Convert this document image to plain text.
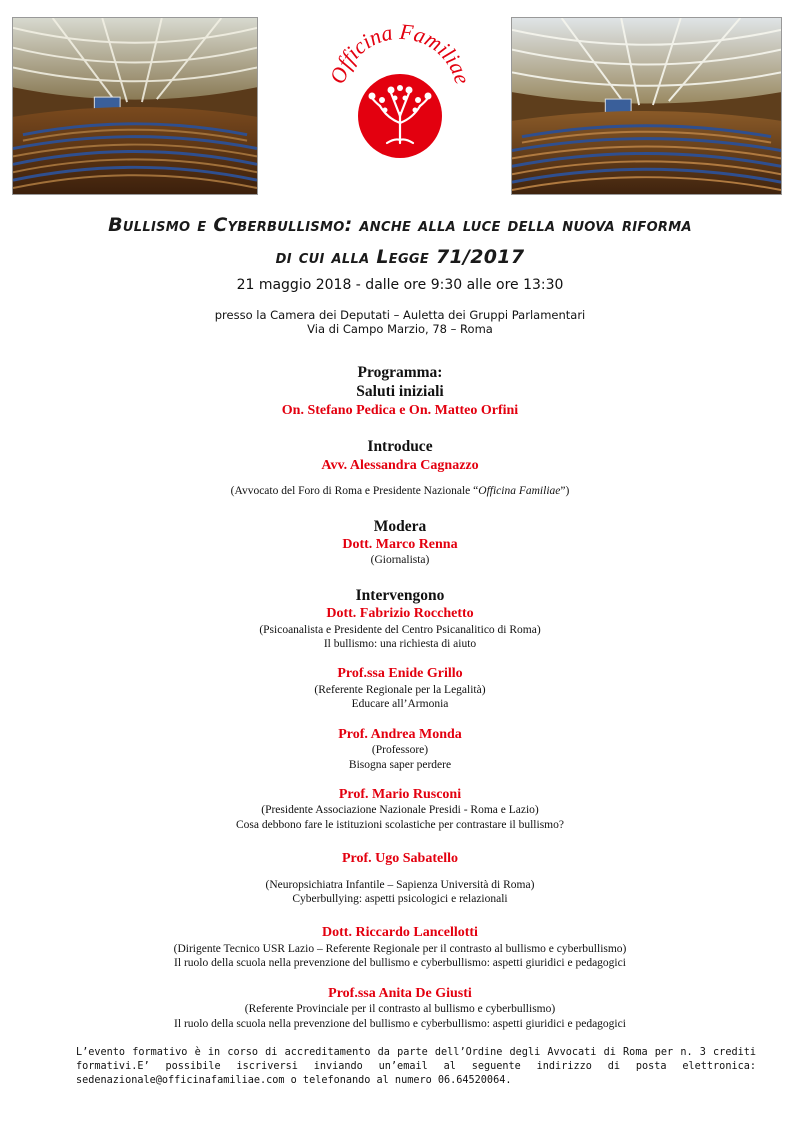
Officina Familiae
Bullismo e Cyberbullismo: anche alla luce della nuova riforma
di cui alla Legge 71/2017
21 maggio 2018 - dalle ore 9:30 alle ore 13:30
presso la Camera dei Deputati – Auletta dei Gruppi Parlamentari
Via di Campo Marzio, 78 – Roma
Programma:
Saluti iniziali
On. Stefano Pedica e On. Matteo Orfini
Introduce
Avv. Alessandra Cagnazzo
(Avvocato del Foro di Roma e Presidente Nazionale “Officina Familiae”)
Modera
Dott. Marco Renna
(Giornalista)
Intervengono
Dott. Fabrizio Rocchetto
(Psicoanalista e Presidente del Centro Psicanalitico di Roma)
Il bullismo: una richiesta di aiuto
Prof.ssa Enide Grillo
(Referente Regionale per la Legalità)
Educare all’Armonia
Prof. Andrea Monda
(Professore)
Bisogna saper perdere
Prof. Mario Rusconi
(Presidente Associazione Nazionale Presidi - Roma e Lazio)
Cosa debbono fare le istituzioni scolastiche per contrastare il bullismo?
Prof. Ugo Sabatello
(Neuropsichiatra Infantile – Sapienza Università di Roma)
Cyberbullying: aspetti psicologici e relazionali
Dott. Riccardo Lancellotti
(Dirigente Tecnico USR Lazio – Referente Regionale per il contrasto al bullismo e cyberbullismo)
Il ruolo della scuola nella prevenzione del bullismo e cyberbullismo: aspetti giuridici e pedagogici
Prof.ssa Anita De Giusti
(Referente Provinciale per il contrasto al bullismo e cyberbullismo)
Il ruolo della scuola nella prevenzione del bullismo e cyberbullismo: aspetti giuridici e pedagogici
L’evento formativo è in corso di accreditamento da parte dell’Ordine degli Avvocati di Roma per n. 3 crediti formativi.E’ possibile iscriversi inviando un’email al seguente indirizzo di posta elettronica: sedenazionale@officinafamiliae.com o telefonando al numero 06.64520064.
